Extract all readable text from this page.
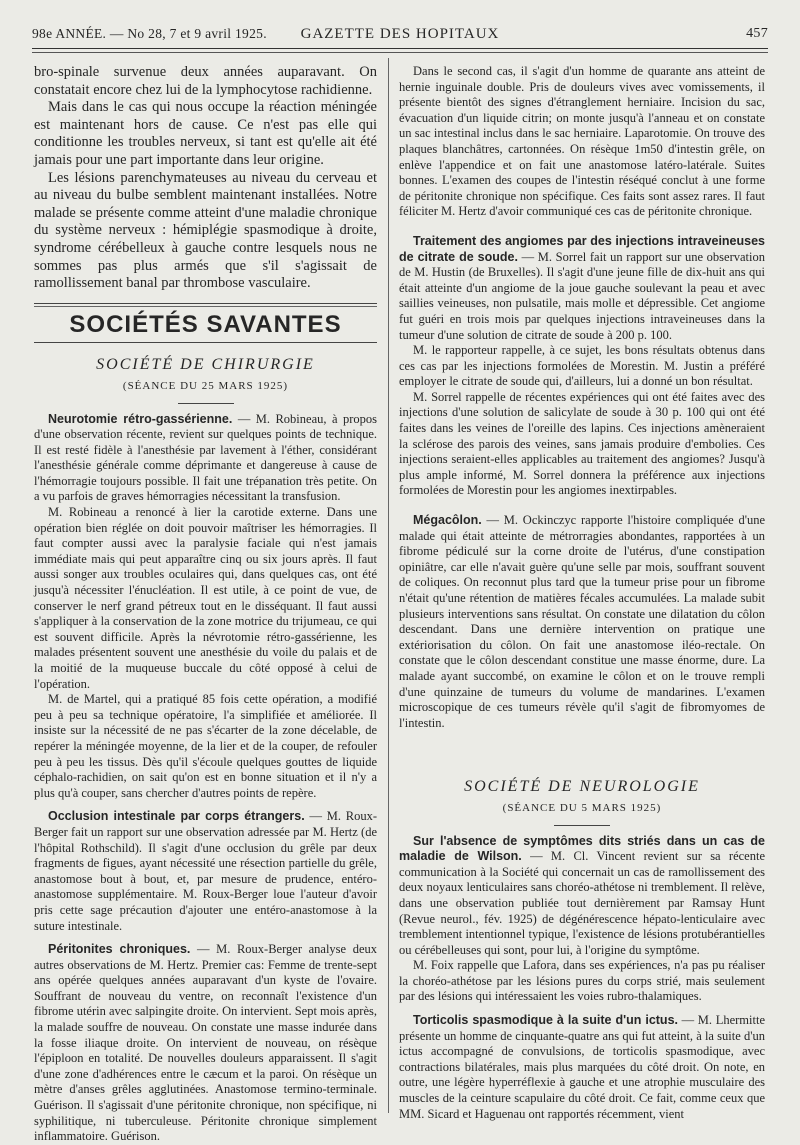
98e ANNÉE. — No 28, 7 et 9 avril 1925.	GAZETTE DES HOPITAUX	457

bro-spinale survenue deux années auparavant. On constatait encore chez lui de la lymphocytose rachidienne.

Mais dans le cas qui nous occupe la réaction méningée est maintenant hors de cause. Ce n'est pas elle qui conditionne les troubles nerveux, si tant est qu'elle ait été jamais pour une part importante dans leur origine.

Les lésions parenchymateuses au niveau du cerveau et au niveau du bulbe semblent maintenant installées. Notre malade se présente comme atteint d'une maladie chronique du système nerveux : hémiplégie spasmodique à droite, syndrome cérébelleux à gauche contre lesquels nous ne sommes pas plus armés que s'il s'agissait de ramollissement banal par thrombose vasculaire.

SOCIÉTÉS SAVANTES
SOCIÉTÉ DE CHIRURGIE
(SÉANCE DU 25 MARS 1925)

Neurotomie rétro-gassérienne. — M. Robineau, à propos d'une observation récente, revient sur quelques points de technique. Il est resté fidèle à l'anesthésie par lavement à l'éther, considérant l'anesthésie générale comme déprimante et dangereuse à cause de l'hémorragie toujours possible. Il fait une trépanation très petite. On a vu parfois de graves hémorragies nécessitant la transfusion.

M. Robineau a renoncé à lier la carotide externe. Dans une opération bien réglée on doit pouvoir maîtriser les hémorragies. Il faut compter aussi avec la paralysie faciale qui n'est jamais immédiate mais qui peut apparaître cinq ou six jours après. Il faut aussi songer aux troubles oculaires qui, dans quelques cas, ont été jusqu'à nécessiter l'énucléation. Il est utile, à ce point de vue, de conserver le nerf grand pétreux tout en le disséquant. Il faut aussi s'appliquer à la conservation de la zone motrice du trijumeau, ce qui est souvent difficile. Après la névrotomie rétro-gassérienne, les malades présentent souvent une anesthésie du voile du palais et de la moitié de la muqueuse buccale du côté opposé à celui de l'opération.

M. de Martel, qui a pratiqué 85 fois cette opération, a modifié peu à peu sa technique opératoire, l'a simplifiée et améliorée. Il insiste sur la nécessité de ne pas s'écarter de la zone décelable, de repérer la méningée moyenne, de la lier et de la couper, de refouler peu à peu les tissus. Dès qu'il s'écoule quelques gouttes de liquide céphalo-rachidien, on sait qu'on est en bonne situation et il n'y a plus qu'à couper, sans chercher d'autres points de repère.

Occlusion intestinale par corps étrangers. — M. Roux-Berger fait un rapport sur une observation adressée par M. Hertz (de l'hôpital Rothschild). Il s'agit d'une occlusion du grêle par deux fragments de figues, ayant nécessité une résection partielle du grêle, anastomose bout à bout, et, par mesure de prudence, entéro-anastomose supplémentaire. M. Roux-Berger loue l'auteur d'avoir pris cette sage précaution d'ajouter une entéro-anastomose à la suture intestinale.

Péritonites chroniques. — M. Roux-Berger analyse deux autres observations de M. Hertz. Premier cas: Femme de trente-sept ans opérée quelques années auparavant d'un kyste de l'ovaire. Souffrant de nouveau du ventre, on reconnaît l'existence d'un fibrome utérin avec salpingite droite. On intervient. Sept mois après, la malade souffre de nouveau. On constate une masse indurée dans la fosse iliaque droite. On intervient de nouveau, on résèque l'épiploon en totalité. De nouvelles douleurs apparaissent. Il s'agit d'une zone d'adhérences entre le cæcum et la paroi. On résèque un mètre d'anses grêles agglutinées. Anastomose termino-terminale. Guérison. Il s'agissait d'une péritonite chronique, non spécifique, ni syphilitique, ni tuberculeuse. Péritonite chronique simplement inflammatoire. Guérison.

Dans le second cas, il s'agit d'un homme de quarante ans atteint de hernie inguinale double. Pris de douleurs vives avec vomissements, il présente bientôt des signes d'étranglement herniaire. Incision du sac, évacuation d'un liquide citrin; on monte jusqu'à l'anneau et on constate un sac intestinal inclus dans le sac herniaire. Laparotomie. On trouve des plaques blanchâtres, cartonnées. On résèque 1m50 d'intestin grêle, on enlève l'appendice et on fait une anastomose latéro-latérale. Suites bonnes. L'examen des coupes de l'intestin réséqué conclut à une forme de péritonite chronique non spécifique. Ces faits sont assez rares. Il faut féliciter M. Hertz d'avoir communiqué ces cas de péritonite chronique.

Traitement des angiomes par des injections intraveineuses de citrate de soude. — M. Sorrel fait un rapport sur une observation de M. Hustin (de Bruxelles). Il s'agit d'une jeune fille de dix-huit ans qui était atteinte d'un angiome de la joue gauche soulevant la peau et avec saillies veineuses, non pulsatile, mais molle et dépressible. Cet angiome fut guéri en trois mois par quelques injections intraveineuses dans la tumeur d'une solution de citrate de soude à 200 p. 100.

M. le rapporteur rappelle, à ce sujet, les bons résultats obtenus dans ces cas par les injections formolées de Morestin. M. Justin a préféré employer le citrate de soude qui, d'ailleurs, lui a donné un bon résultat.

M. Sorrel rappelle de récentes expériences qui ont été faites avec des injections d'une solution de salicylate de soude à 30 p. 100 qui ont été faites dans les veines de l'oreille des lapins. Ces injections amèneraient la sclérose des parois des veines, sans jamais produire d'embolies. Ces injections seraient-elles applicables au traitement des angiomes? Jusqu'à plus ample informé, M. Sorrel donnera la préférence aux injections formolées de Morestin pour les angiomes inextirpables.

Mégacôlon. — M. Ockinczyc rapporte l'histoire compliquée d'une malade qui était atteinte de métrorragies abondantes, rapportées à un fibrome pédiculé sur la corne droite de l'utérus, d'une constipation opiniâtre, car elle n'avait guère qu'une selle par mois, souffrant souvent de coliques. On reconnut plus tard que la tumeur prise pour un fibrome n'était qu'une rétention de matières fécales accumulées. La malade subit plusieurs interventions sans résultat. On constate une dilatation du côlon descendant. Dans une dernière intervention on pratique une extériorisation du côlon. On fait une anastomose iléo-rectale. On constate que le côlon descendant constitue une masse énorme, dure. La malade ayant succombé, on examine le côlon et on le trouve rempli d'une quinzaine de tumeurs du volume de mandarines. L'examen microscopique de ces tumeurs révèle qu'il s'agit de fibromyomes de l'intestin.

SOCIÉTÉ DE NEUROLOGIE
(SÉANCE DU 5 MARS 1925)

Sur l'absence de symptômes dits striés dans un cas de maladie de Wilson. — M. Cl. Vincent revient sur sa récente communication à la Société qui concernait un cas de ramollissement des deux noyaux lenticulaires sans choréo-athétose ni tremblement. Il relève, dans une observation publiée tout dernièrement par Ramsay Hunt (Revue neurol., fév. 1925) de dégénérescence hépato-lenticulaire avec tremblement intentionnel typique, l'existence de lésions protubérantielles ou cérébelleuses qui sont, pour lui, à l'origine du symptôme.

M. Foix rappelle que Lafora, dans ses expériences, n'a pas pu réaliser la choréo-athétose par les lésions pures du corps strié, mais seulement par des lésions qui intéressaient les voies rubro-thalamiques.

Torticolis spasmodique à la suite d'un ictus. — M. Lhermitte présente un homme de cinquante-quatre ans qui fut atteint, à la suite d'un ictus accompagné de convulsions, de torticolis spasmodique, avec contractions bilatérales, mais plus marquées du côté droit. On note, en outre, une légère hyperréflexie à gauche et une atrophie musculaire des muscles de la ceinture scapulaire du côté droit. Ce fait, comme ceux que MM. Sicard et Haguenau ont rapportés récemment, vient
